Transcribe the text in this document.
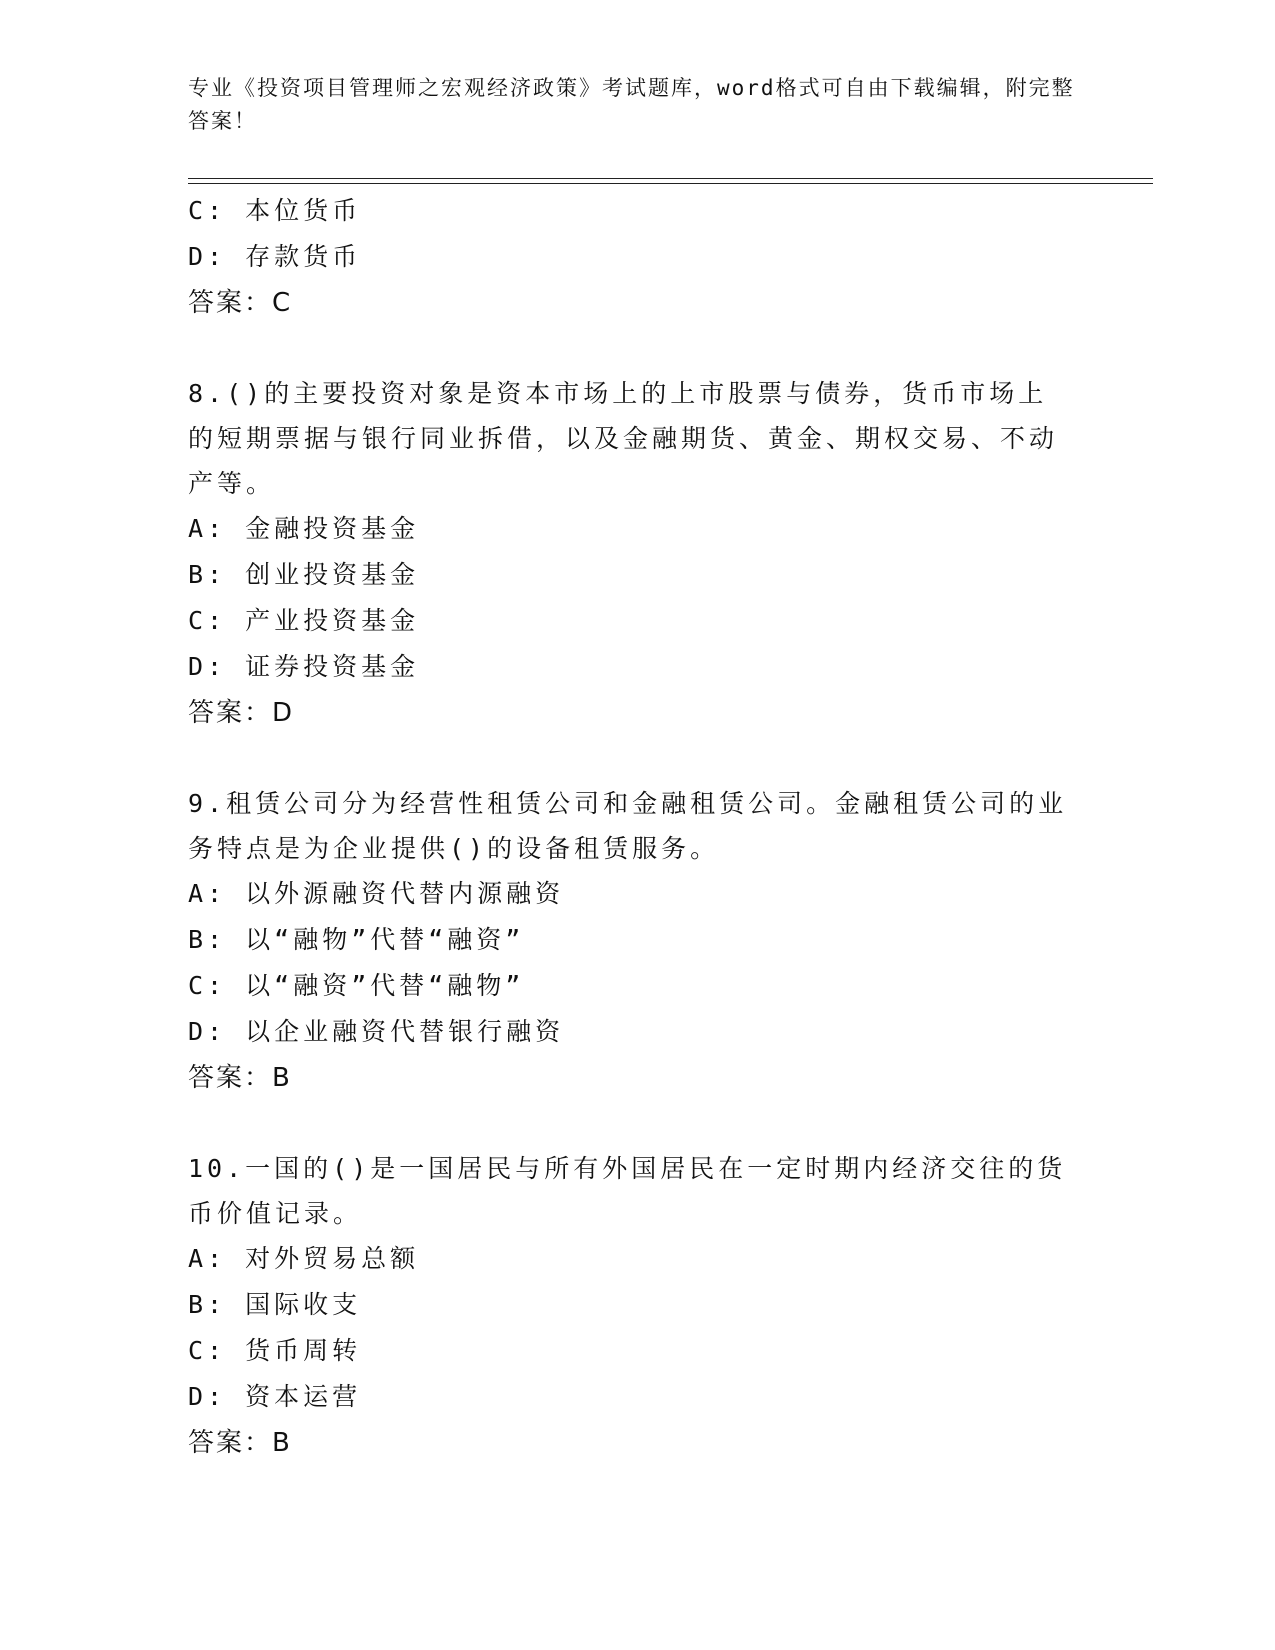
专业《投资项目管理师之宏观经济政策》考试题库，word格式可自由下载编辑，附完整答案！
C: 本位货币
D: 存款货币
答案：C
8.()的主要投资对象是资本市场上的上市股票与债券，货币市场上的短期票据与银行同业拆借，以及金融期货、黄金、期权交易、不动产等。
A: 金融投资基金
B: 创业投资基金
C: 产业投资基金
D: 证券投资基金
答案：D
9.租赁公司分为经营性租赁公司和金融租赁公司。金融租赁公司的业务特点是为企业提供()的设备租赁服务。
A: 以外源融资代替内源融资
B: 以“融物”代替“融资”
C: 以“融资”代替“融物”
D: 以企业融资代替银行融资
答案：B
10.一国的()是一国居民与所有外国居民在一定时期内经济交往的货币价值记录。
A: 对外贸易总额
B: 国际收支
C: 货币周转
D: 资本运营
答案：B
